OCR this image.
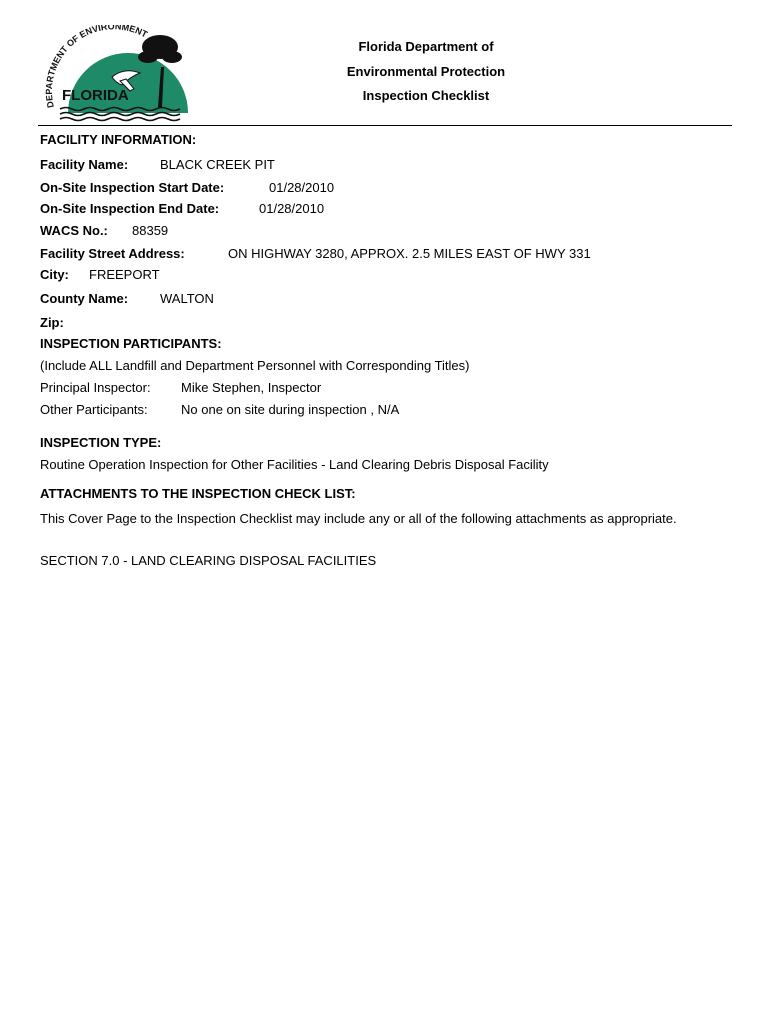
DEPARTMENT OF ENVIRONMENT
FLORIDA
Florida Department of
Environmental Protection
Inspection Checklist
FACILITY INFORMATION:
Facility Name: BLACK CREEK PIT
On-Site Inspection Start Date:	01/28/2010
On-Site Inspection End Date:	01/28/2010
WACS No.: 88359
Facility Street Address:	ON HIGHWAY 3280, APPROX. 2.5 MILES EAST OF HWY 331
City: FREEPORT
County Name: WALTON
Zip:
INSPECTION PARTICIPANTS:
(Include ALL Landfill and Department Personnel with Corresponding Titles)
Principal Inspector: Mike Stephen, Inspector
Other Participants:	No one on site during inspection , N/A
INSPECTION TYPE:
Routine Operation Inspection for Other Facilities - Land Clearing Debris Disposal Facility
ATTACHMENTS TO THE INSPECTION CHECK LIST:
This Cover Page to the Inspection Checklist may include any or all of the following attachments as appropriate.
SECTION 7.0 - LAND CLEARING DISPOSAL FACILITIES
